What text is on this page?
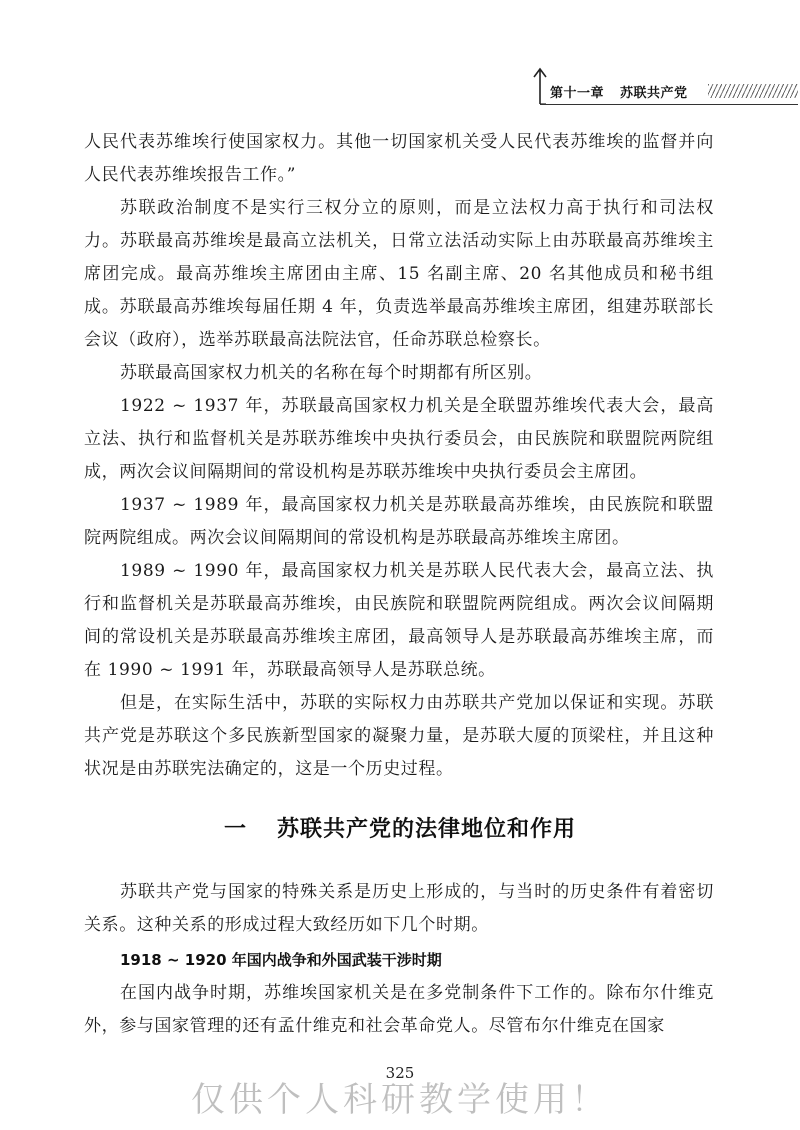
第十一章 苏联共产党

人民代表苏维埃行使国家权力。其他一切国家机关受人民代表苏维埃的监督并向人民代表苏维埃报告工作。”

苏联政治制度不是实行三权分立的原则，而是立法权力高于执行和司法权力。苏联最高苏维埃是最高立法机关，日常立法活动实际上由苏联最高苏维埃主席团完成。最高苏维埃主席团由主席、15 名副主席、20 名其他成员和秘书组成。苏联最高苏维埃每届任期 4 年，负责选举最高苏维埃主席团，组建苏联部长会议（政府），选举苏联最高法院法官，任命苏联总检察长。

苏联最高国家权力机关的名称在每个时期都有所区别。

1922 ~ 1937 年，苏联最高国家权力机关是全联盟苏维埃代表大会，最高立法、执行和监督机关是苏联苏维埃中央执行委员会，由民族院和联盟院两院组成，两次会议间隔期间的常设机构是苏联苏维埃中央执行委员会主席团。

1937 ~ 1989 年，最高国家权力机关是苏联最高苏维埃，由民族院和联盟院两院组成。两次会议间隔期间的常设机构是苏联最高苏维埃主席团。

1989 ~ 1990 年，最高国家权力机关是苏联人民代表大会，最高立法、执行和监督机关是苏联最高苏维埃，由民族院和联盟院两院组成。两次会议间隔期间的常设机关是苏联最高苏维埃主席团，最高领导人是苏联最高苏维埃主席，而在 1990 ~ 1991 年，苏联最高领导人是苏联总统。

但是，在实际生活中，苏联的实际权力由苏联共产党加以保证和实现。苏联共产党是苏联这个多民族新型国家的凝聚力量，是苏联大厦的顶梁柱，并且这种状况是由苏联宪法确定的，这是一个历史过程。

一 苏联共产党的法律地位和作用

苏联共产党与国家的特殊关系是历史上形成的，与当时的历史条件有着密切关系。这种关系的形成过程大致经历如下几个时期。

1918 ~ 1920 年国内战争和外国武装干涉时期

在国内战争时期，苏维埃国家机关是在多党制条件下工作的。除布尔什维克外，参与国家管理的还有孟什维克和社会革命党人。尽管布尔什维克在国家

325
仅供个人科研教学使用！
